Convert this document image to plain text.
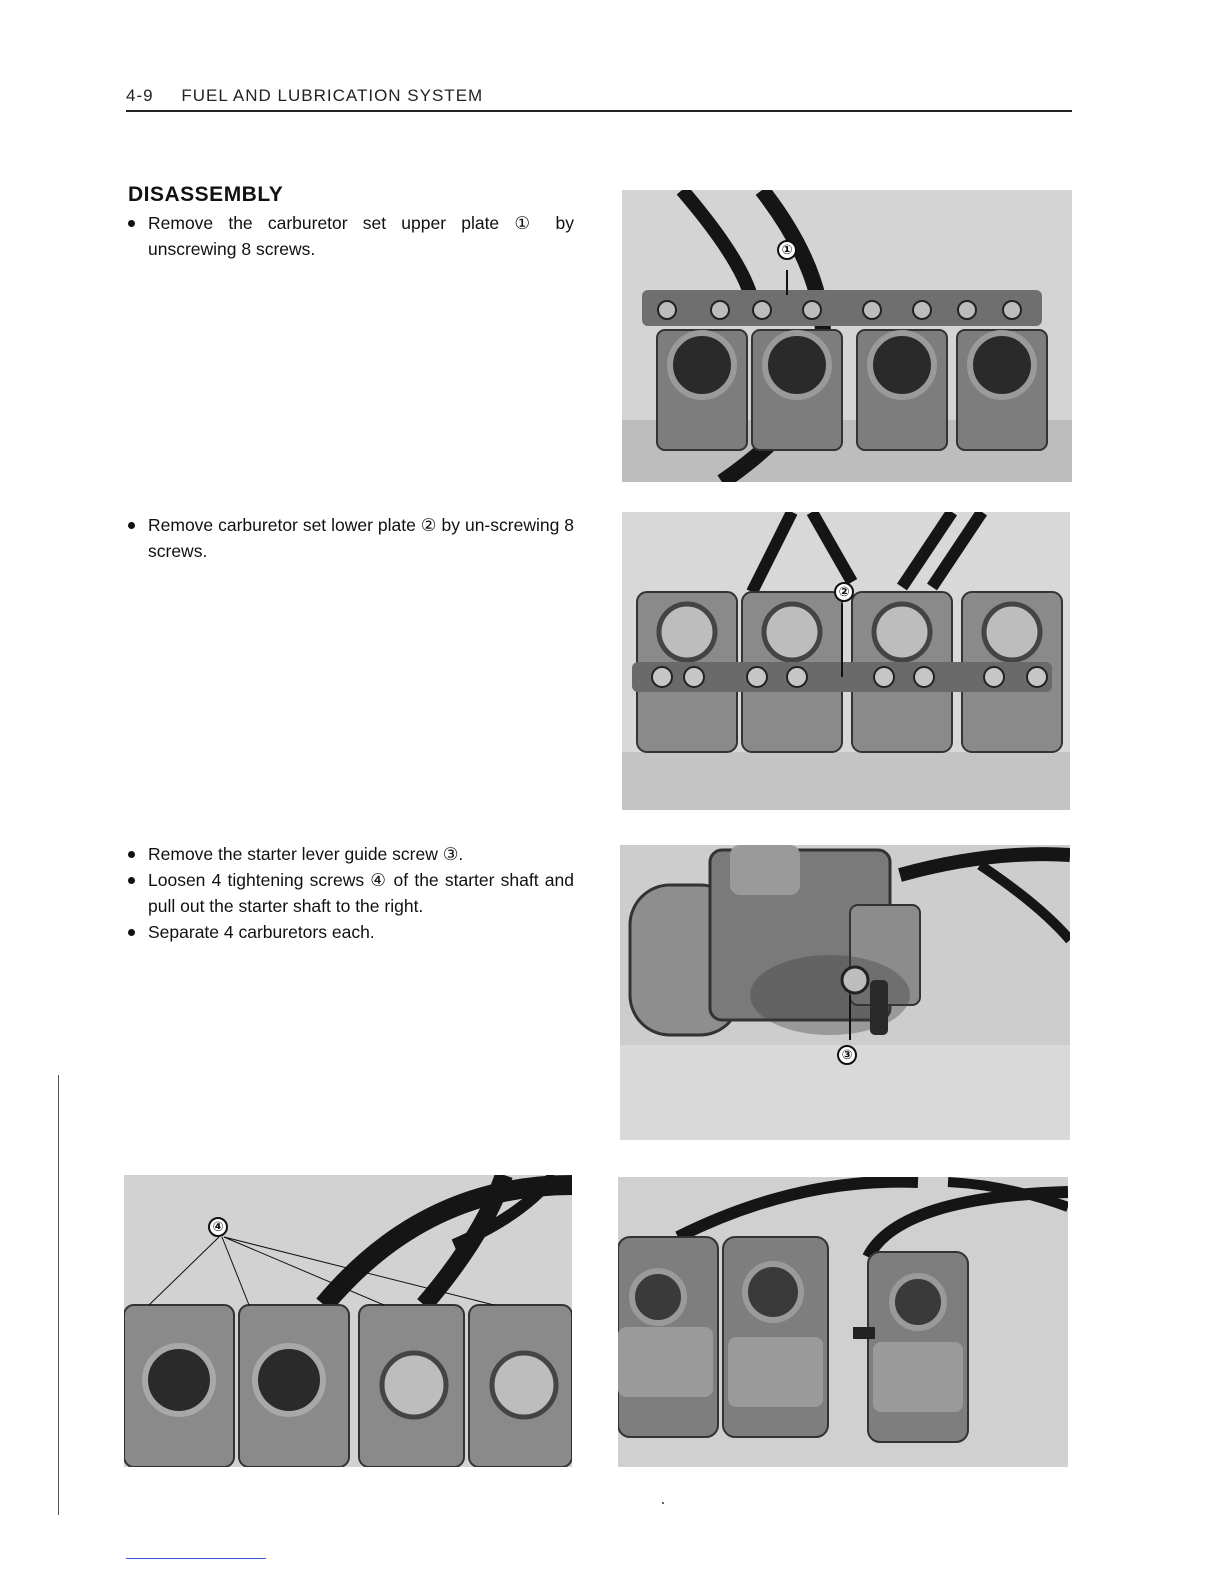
4-9 FUEL AND LUBRICATION SYSTEM
DISASSEMBLY
Remove the carburetor set upper plate ① by unscrewing 8 screws.
Remove carburetor set lower plate ② by un-screwing 8 screws.
Remove the starter lever guide screw ③.
Loosen 4 tightening screws ④ of the starter shaft and pull out the starter shaft to the right.
Separate 4 carburetors each.
①
②
③
④
